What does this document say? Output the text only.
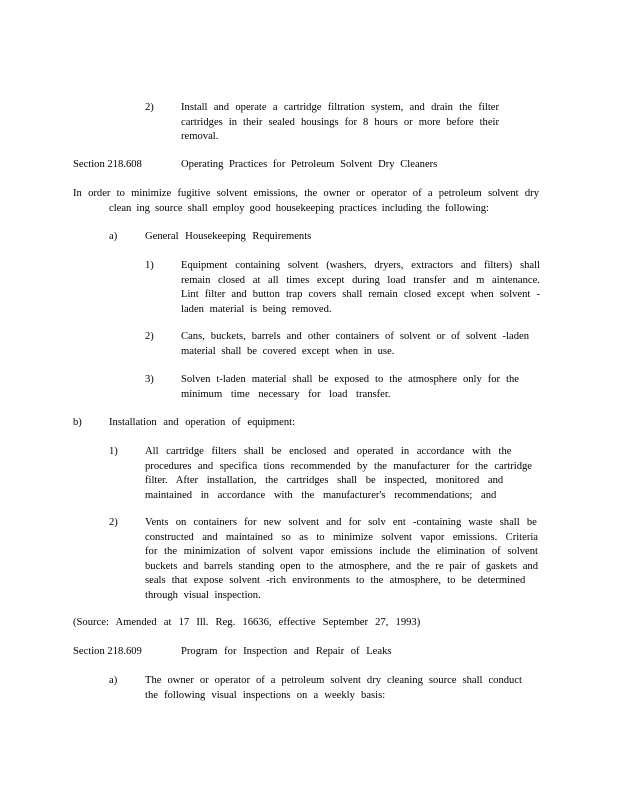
2)	Install and operate a cartridge filtration system, and drain the filter
cartridges in their sealed housings for 8 hours or more before their
removal.
Section 218.608	Operating Practices for Petroleum Solvent Dry Cleaners
In order to minimize fugitive solvent emissions, the owner or operator of a petroleum solvent dry
clean ing source shall employ good housekeeping practices including the following:
a)	General Housekeeping Requirements
1)	Equipment containing solvent (washers, dryers, extractors and filters) shall
remain closed at all times except during load transfer and m aintenance.
Lint filter and button trap covers shall remain closed except when solvent -
laden material is being removed.
2)	Cans, buckets, barrels and other containers of solvent or of solvent -laden
material shall be covered except when in use.
3)	Solven t-laden material shall be exposed to the atmosphere only for the
minimum time necessary for load transfer.
b)	Installation and operation of equipment:
1)	All cartridge filters shall be enclosed and operated in accordance with the
procedures and specifica tions recommended by the manufacturer for the cartridge
filter. After installation, the cartridges shall be inspected, monitored and
maintained in accordance with the manufacturer's recommendations; and
2)	Vents on containers for new solvent and for solv ent -containing waste shall be
constructed and maintained so as to minimize solvent vapor emissions. Criteria
for the minimization of solvent vapor emissions include the elimination of solvent
buckets and barrels standing open to the atmosphere, and the re pair of gaskets and
seals that expose solvent -rich environments to the atmosphere, to be determined
through visual inspection.
(Source: Amended at 17 Ill. Reg. 16636, effective September 27, 1993)
Section 218.609	Program for Inspection and Repair of Leaks
a)	The owner or operator of a petroleum solvent dry cleaning source shall conduct
the following visual inspections on a weekly basis:
